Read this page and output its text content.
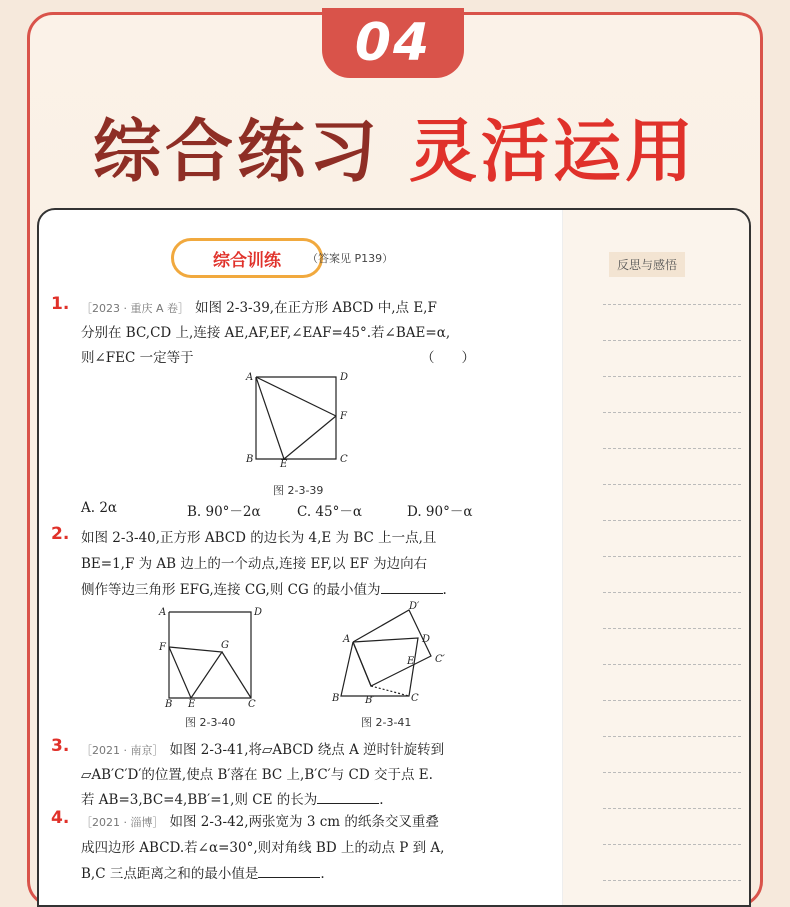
04
综合练习 灵活运用
反思与感悟
综合训练	（答案见 P139）
1. ［2023 · 重庆 A 卷］ 如图 2-3-39,在正方形 ABCD 中,点 E,F
分别在 BC,CD 上,连接 AE,AF,EF,∠EAF=45°.若∠BAE=α,
则∠FEC 一定等于	（　　）
A	D
F
B	E	C
图 2-3-39
A. 2α	B. 90°－2α	C. 45°－α	D. 90°－α
2. 如图 2-3-40,正方形 ABCD 的边长为 4,E 为 BC 上一点,且
BE=1,F 为 AB 边上的一个动点,连接 EF,以 EF 为边向右
侧作等边三角形 EFG,连接 CG,则 CG 的最小值为	.
A	D
F	G
B E	C
图 2-3-40
D′
A	D
E C′
B	B′	C
图 2-3-41
3. ［2021 · 南京］ 如图 2-3-41,将▱ABCD 绕点 A 逆时针旋转到
▱AB′C′D′的位置,使点 B′落在 BC 上,B′C′与 CD 交于点 E.
若 AB=3,BC=4,BB′=1,则 CE 的长为	.
4. ［2021 · 淄博］ 如图 2-3-42,两张宽为 3 cm 的纸条交叉重叠
成四边形 ABCD.若∠α=30°,则对角线 BD 上的动点 P 到 A,
B,C 三点距离之和的最小值是	.
